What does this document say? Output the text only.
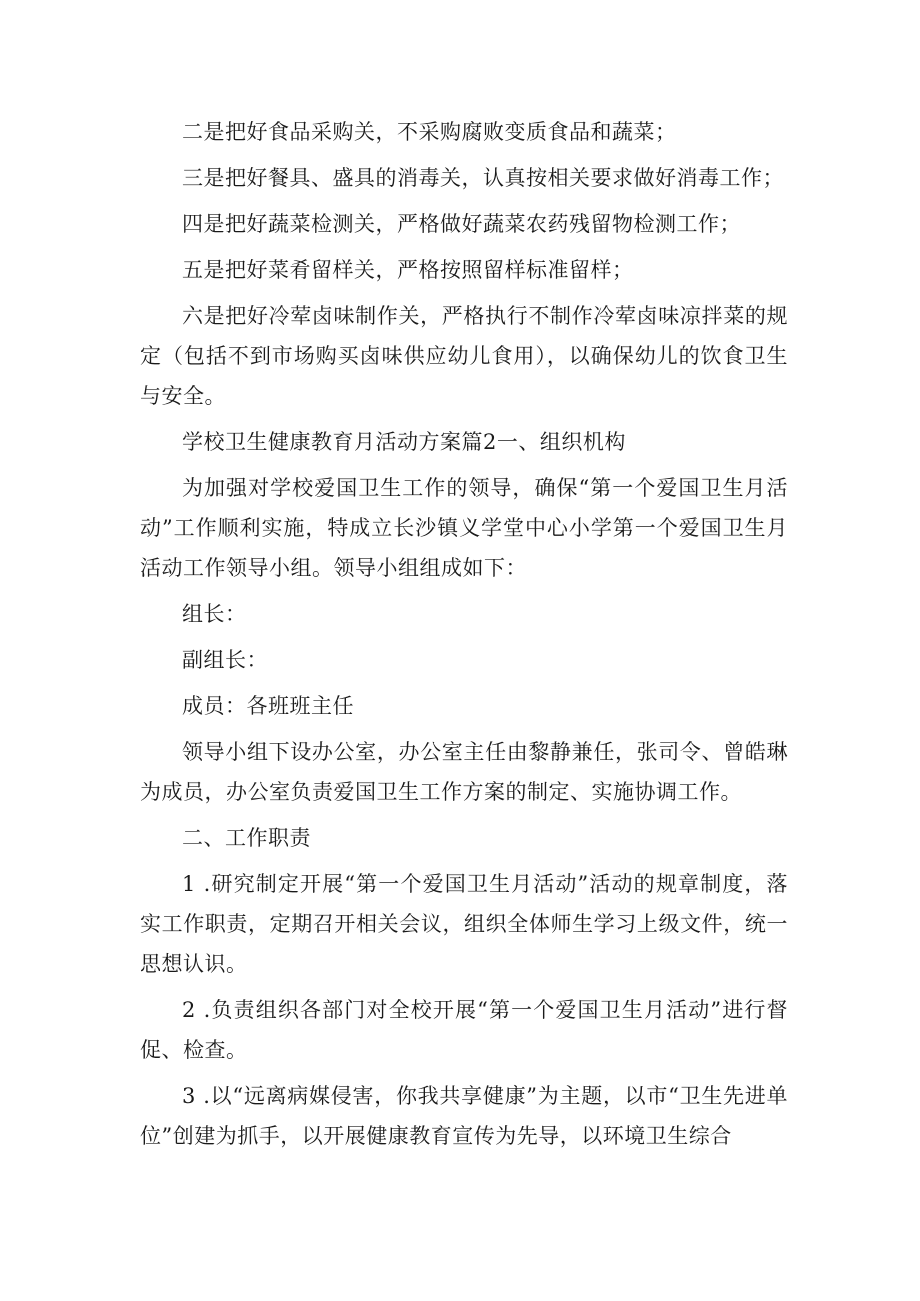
二是把好食品采购关，不采购腐败变质食品和蔬菜；

三是把好餐具、盛具的消毒关，认真按相关要求做好消毒工作；

四是把好蔬菜检测关，严格做好蔬菜农药残留物检测工作；

五是把好菜肴留样关，严格按照留样标准留样；

六是把好冷荤卤味制作关，严格执行不制作冷荤卤味凉拌菜的规定（包括不到市场购买卤味供应幼儿食用），以确保幼儿的饮食卫生与安全。

学校卫生健康教育月活动方案篇2一、组织机构

为加强对学校爱国卫生工作的领导，确保“第一个爱国卫生月活动”工作顺利实施，特成立长沙镇义学堂中心小学第一个爱国卫生月活动工作领导小组。领导小组组成如下：

组长：

副组长：

成员：各班班主任

领导小组下设办公室，办公室主任由黎静兼任，张司令、曾皓琳为成员，办公室负责爱国卫生工作方案的制定、实施协调工作。

二、工作职责

1 .研究制定开展“第一个爱国卫生月活动”活动的规章制度，落实工作职责，定期召开相关会议，组织全体师生学习上级文件，统一思想认识。

2 .负责组织各部门对全校开展“第一个爱国卫生月活动”进行督促、检查。

3 .以“远离病媒侵害，你我共享健康”为主题，以市“卫生先进单位”创建为抓手，以开展健康教育宣传为先导，以环境卫生综合
